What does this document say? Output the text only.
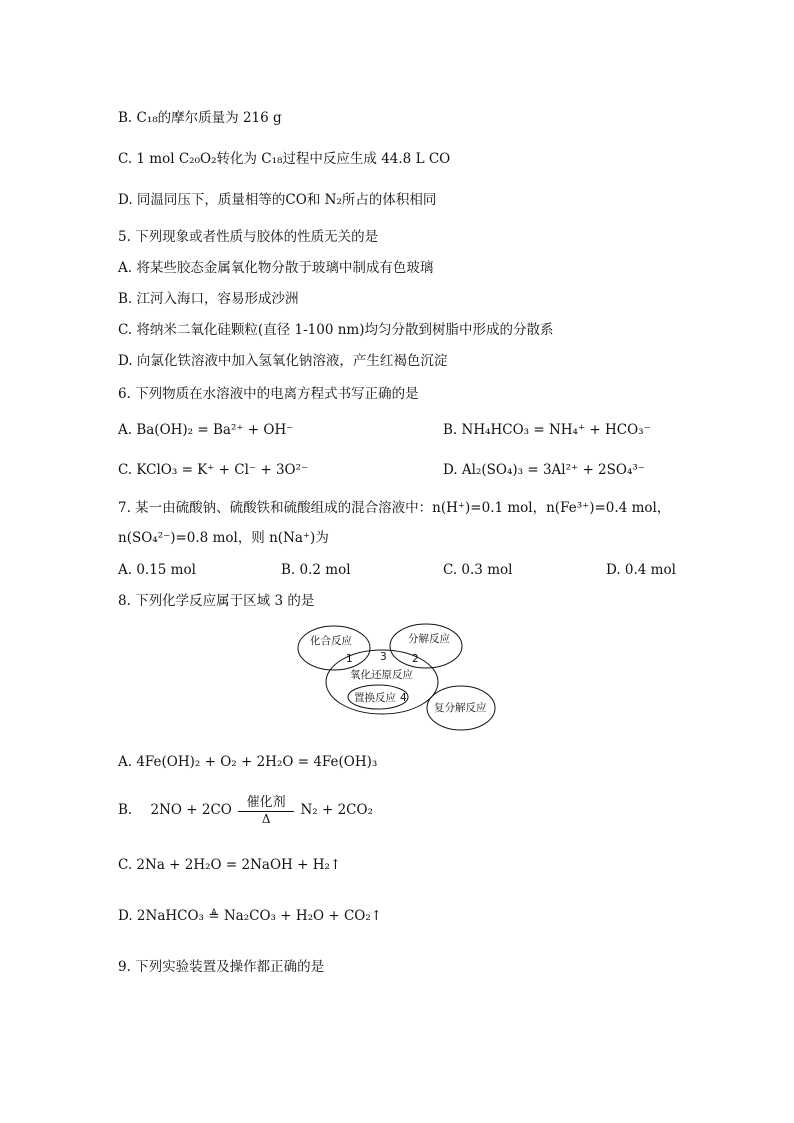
B. C₁₈的摩尔质量为 216 g
C. 1 mol C₂₀O₂转化为 C₁₈过程中反应生成 44.8 L CO
D. 同温同压下，质量相等的CO和 N₂所占的体积相同
5. 下列现象或者性质与胶体的性质无关的是
A. 将某些胶态金属氧化物分散于玻璃中制成有色玻璃
B. 江河入海口，容易形成沙洲
C. 将纳米二氧化硅颗粒(直径 1-100 nm)均匀分散到树脂中形成的分散系
D. 向氯化铁溶液中加入氢氧化钠溶液，产生红褐色沉淀
6. 下列物质在水溶液中的电离方程式书写正确的是
A. Ba(OH)₂ = Ba²⁺ + OH⁻	B. NH₄HCO₃ = NH₄⁺ + HCO₃⁻
C. KClO₃ = K⁺ + Cl⁻ + 3O²⁻	D. Al₂(SO₄)₃ = 3Al²⁺ + 2SO₄³⁻
7. 某一由硫酸钠、硫酸铁和硫酸组成的混合溶液中：n(H⁺)=0.1 mol，n(Fe³⁺)=0.4 mol，
n(SO₄²⁻)=0.8 mol，则 n(Na⁺)为
A. 0.15 mol	B. 0.2 mol	C. 0.3 mol	D. 0.4 mol
8. 下列化学反应属于区域 3 的是
化合反应	分解反应
1	3 2
氧化还原反应
置换反应 4
复分解反应
A. 4Fe(OH)₂ + O₂ + 2H₂O = 4Fe(OH)₃
B. $2NO + 2CO \frac{\text{催化剂}}{\Delta} N_2 + 2CO_2$
C. 2Na + 2H₂O = 2NaOH + H₂↑
D. 2NaHCO₃ ≜ Na₂CO₃ + H₂O + CO₂↑
9. 下列实验装置及操作都正确的是
